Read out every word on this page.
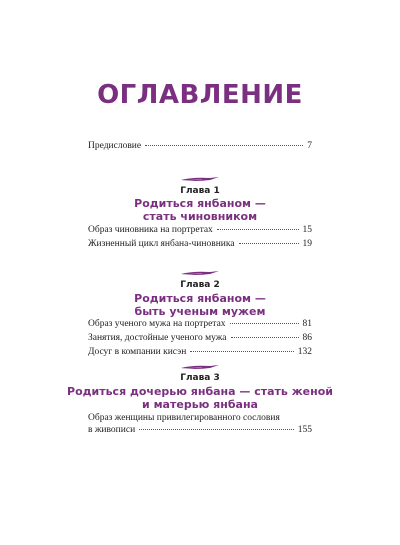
ОГЛАВЛЕНИЕ
Предисловие	7

Глава 1

Родиться янбаном —

стать чиновником

Образ чиновника на портретах	15
Жизненный цикл янбана-чиновника	19

Глава 2

Родиться янбаном —

быть ученым мужем

Образ ученого мужа на портретах	81
Занятия, достойные ученого мужа	86
Досуг в компании кисэн	132

Глава 3

Родиться дочерью янбана — стать женой

и матерью янбана

Образ женщины привилегированного сословия
в живописи	155
